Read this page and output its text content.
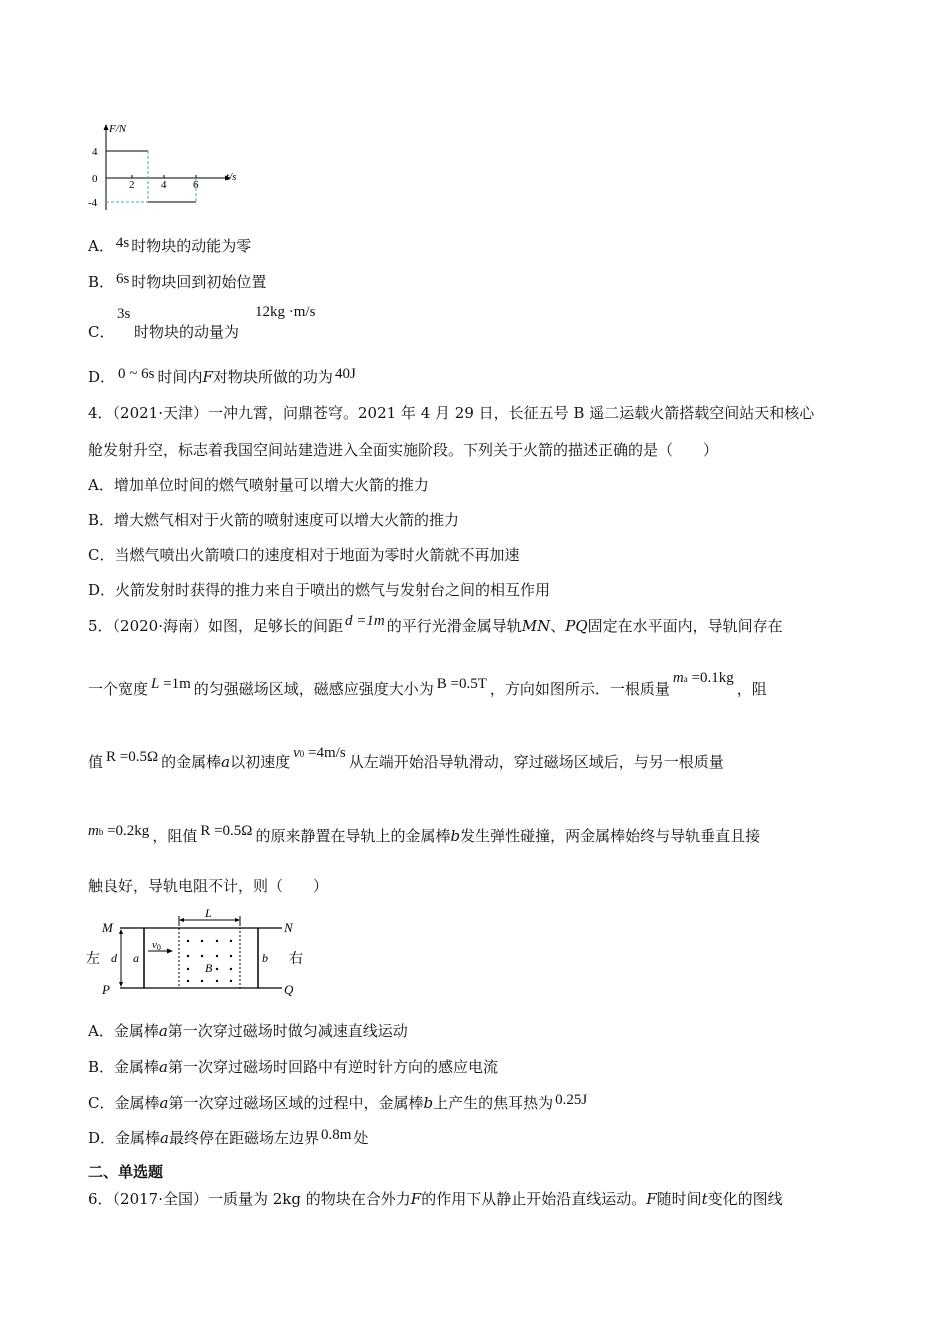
F/N
t/s
4
0
-4
2 4 6
A． 4s 时物块的动能为零
B． 6s 时物块回到初始位置
C．
3s
时物块的动量为
12kg ·m/s
D． 0 ~ 6s 时间内F对物块所做的功为 40J
4．（2021·天津）一冲九霄，问鼎苍穹。2021 年 4 月 29 日，长征五号 B 遥二运载火箭搭载空间站天和核心
舱发射升空，标志着我国空间站建造进入全面实施阶段。下列关于火箭的描述正确的是（　　）
A．增加单位时间的燃气喷射量可以增大火箭的推力
B．增大燃气相对于火箭的喷射速度可以增大火箭的推力
C．当燃气喷出火箭喷口的速度相对于地面为零时火箭就不再加速
D．火箭发射时获得的推力来自于喷出的燃气与发射台之间的相互作用
5．（2020·海南）如图，足够长的间距 d =1m 的平行光滑金属导轨MN、PQ固定在水平面内，导轨间存在
一个宽度 L =1m 的匀强磁场区域，磁感应强度大小为 B =0.5T ，方向如图所示．一根质量ma =0.1kg，阻
值 R =0.5Ω 的金属棒a以初速度 v0 =4m/s 从左端开始沿导轨滑动，穿过磁场区域后，与另一根质量
mb =0.2kg ，阻值 R =0.5Ω 的原来静置在导轨上的金属棒b发生弹性碰撞，两金属棒始终与导轨垂直且接
触良好，导轨电阻不计，则（　　）
M	N
P	Q
左	右
d a	b
v0
L
B
A．金属棒a第一次穿过磁场时做匀减速直线运动
B．金属棒a第一次穿过磁场时回路中有逆时针方向的感应电流
C．金属棒a第一次穿过磁场区域的过程中，金属棒b上产生的焦耳热为 0.25J
D．金属棒a最终停在距磁场左边界 0.8m 处
二、单选题
6．（2017·全国）一质量为 2kg 的物块在合外力F的作用下从静止开始沿直线运动。F随时间t变化的图线
